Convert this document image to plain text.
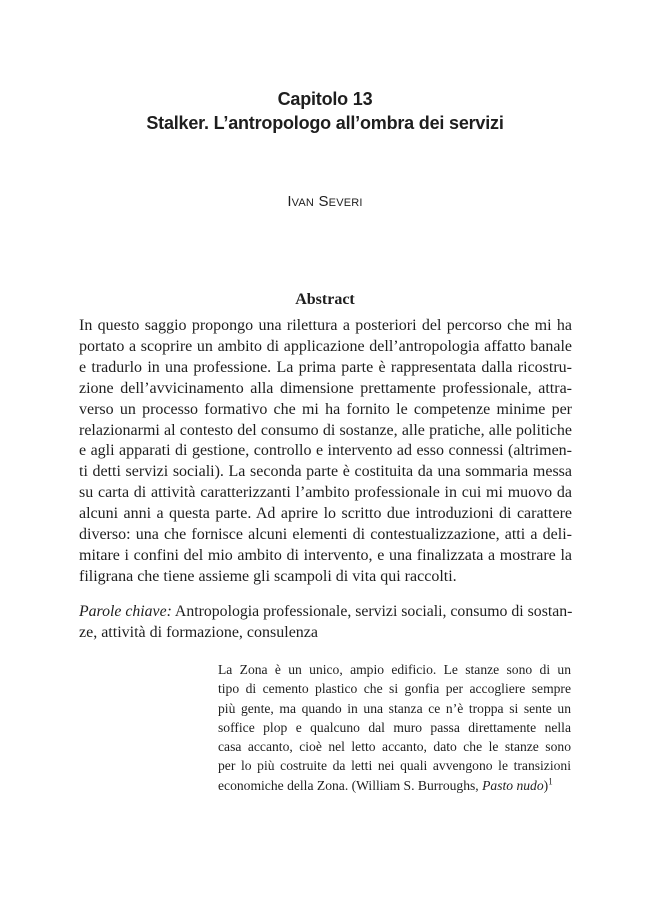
Capitolo 13
Stalker. L’antropologo all’ombra dei servizi
Ivan Severi
Abstract
In questo saggio propongo una rilettura a posteriori del percorso che mi ha
portato a scoprire un ambito di applicazione dell’antropologia affatto banale
e tradurlo in una professione. La prima parte è rappresentata dalla ricostru-
zione dell’avvicinamento alla dimensione prettamente professionale, attra-
verso un processo formativo che mi ha fornito le competenze minime per
relazionarmi al contesto del consumo di sostanze, alle pratiche, alle politiche
e agli apparati di gestione, controllo e intervento ad esso connessi (altrimen-
ti detti servizi sociali). La seconda parte è costituita da una sommaria messa
su carta di attività caratterizzanti l’ambito professionale in cui mi muovo da
alcuni anni a questa parte. Ad aprire lo scritto due introduzioni di carattere
diverso: una che fornisce alcuni elementi di contestualizzazione, atti a deli-
mitare i confini del mio ambito di intervento, e una finalizzata a mostrare la
filigrana che tiene assieme gli scampoli di vita qui raccolti.
Parole chiave: Antropologia professionale, servizi sociali, consumo di sostan-
ze, attività di formazione, consulenza
La Zona è un unico, ampio edificio. Le stanze sono di un
tipo di cemento plastico che si gonfia per accogliere sempre
più gente, ma quando in una stanza ce n’è troppa si sente un
soffice plop e qualcuno dal muro passa direttamente nella
casa accanto, cioè nel letto accanto, dato che le stanze sono
per lo più costruite da letti nei quali avvengono le transizioni
economiche della Zona. (William S. Burroughs, Pasto nudo)$^1$
